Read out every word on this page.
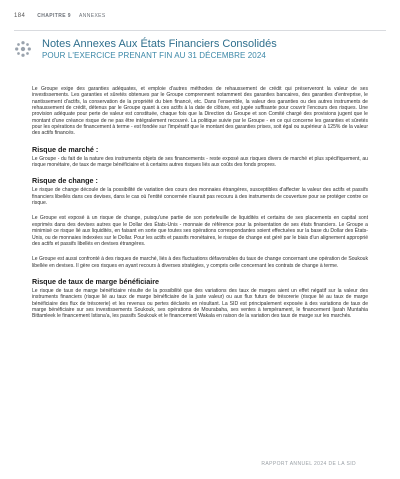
184 CHAPITRE 9 ANNEXES
Notes Annexes Aux États Financiers Consolidés
POUR L'EXERCICE PRENANT FIN AU 31 DÉCEMBRE 2024

Le Groupe exige des garanties adéquates, et emploie d'autres méthodes de rehaussement de crédit qui préserveront la valeur de ses investissements. Les garanties et sûretés obtenues par le Groupe comprennent notamment des garanties bancaires, des garanties d'entreprise, le nantissement d'actifs, la conservation de la propriété du bien financé, etc. Dans l'ensemble, la valeur des garanties ou des autres instruments de rehaussement de crédit, détenus par le Groupe quant à ces actifs à la date de clôture, est jugée suffisante pour couvrir l'encours des risques. Une provision adéquate pour perte de valeur est constituée, chaque fois que la Direction du Groupe et son Comité chargé des provisions jugent que le montant d'une créance risque de ne pas être intégralement recouvré. La politique suivie par le Groupe - en ce qui concerne les garanties et sûretés pour les opérations de financement à terme - est fondée sur l'impératif que le montant des garanties prises, soit égal ou supérieur à 125% de la valeur des actifs financés.

Risque de marché :

Le Groupe - du fait de la nature des instruments objets de ses financements - reste exposé aux risques divers de marché et plus spécifiquement, au risque monétaire, de taux de marge bénéficiaire et à certains autres risques liés aux coûts des fonds propres.

Risque de change :

Le risque de change découle de la possibilité de variation des cours des monnaies étrangères, susceptibles d'affecter la valeur des actifs et passifs financiers libellés dans ces devises, dans le cas où l'entité concernée n'aurait pas recouru à des instruments de couverture pour se protéger contre ce risque.

Le Groupe est exposé à un risque de change, puisqu'une partie de son portefeuille de liquidités et certains de ses placements en capital sont exprimés dans des devises autres que le Dollar des États-Unis - monnaie de référence pour la présentation de ses états financiers. Le Groupe a minimisé ce risque lié aux liquidités, en faisant en sorte que toutes ses opérations correspondantes soient effectuées sur la base du Dollar des États-Unis, ou de monnaies indexées sur le Dollar. Pour les actifs et passifs monétaires, le risque de change est géré par le biais d'un alignement approprié des actifs et passifs libellés en devises étrangères.

Le Groupe est aussi confronté à des risques de marché, liés à des fluctuations défavorables du taux de change concernant une opération de Soukouk libellée en devises. Il gère ces risques en ayant recours à diverses stratégies, y compris celle concernant les contrats de change à terme.

Risque de taux de marge bénéficiaire

Le risque de taux de marge bénéficiaire résulte de la possibilité que des variations des taux de marges aient un effet négatif sur la valeur des instruments financiers (risque lié au taux de marge bénéficiaire de la juste valeur) ou aux flux futurs de trésorerie (risque lié au taux de marge bénéficiaire des flux de trésorerie) et les revenus ou pertes déclarés en résultant. La SID est principalement exposée à des variations de taux de marge bénéficiaire sur ses investissements Soukouk, ses opérations de Mourabaha, ses ventes à tempérament, le financement Ijarah Muntahia Bittamleek le financement Istisna'a, les passifs Soukouk et le financement Wakala en raison de la variation des taux de marge sur les marchés.

RAPPORT ANNUEL 2024 DE LA SID
